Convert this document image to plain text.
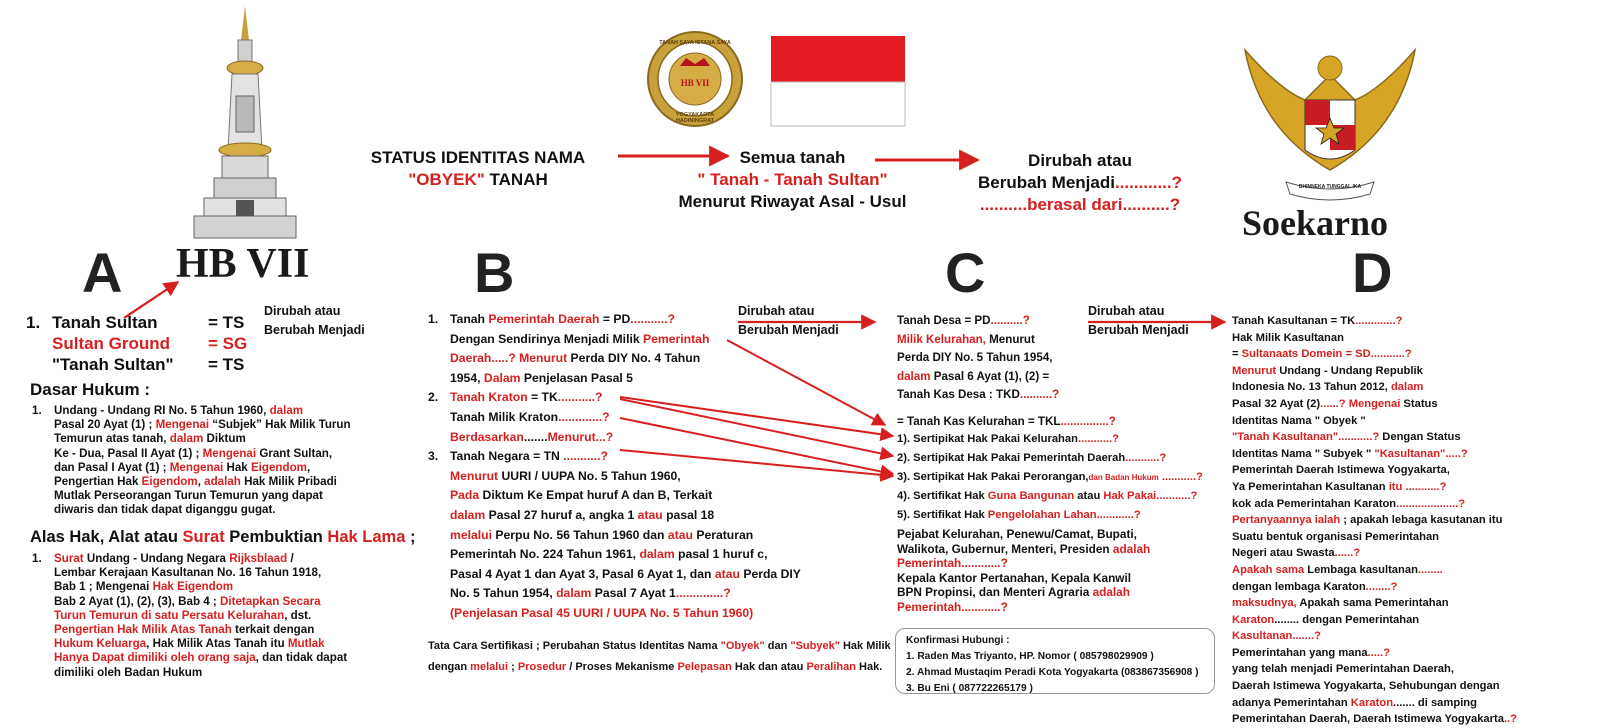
STATUS IDENTITAS NAMA
"OBYEK" TANAH
Semua tanah
" Tanah - Tanah Sultan"
Menurut Riwayat Asal - Usul
Dirubah atau
Berubah Menjadi............?
..........berasal dari..........?
TANAH SAYA ISTANA SAYA
YOGYAKARTA HADININGRAT
HB VII
BHINNEKA TUNGGAL IKA
HB VII
Soekarno
A	B	C	D
Dirubah atau
Berubah Menjadi
Dirubah atau
Berubah Menjadi
Dirubah atau
Berubah Menjadi
1. Tanah Sultan	= TS
Sultan Ground = SG
"Tanah Sultan" = TS
Dasar Hukum :
1. Undang - Undang RI No. 5 Tahun 1960, dalam
Pasal 20 Ayat (1) ; Mengenai “Subjek” Hak Milik Turun
Temurun atas tanah, dalam Diktum
Ke - Dua, Pasal II Ayat (1) ; Mengenai Grant Sultan,
dan Pasal I Ayat (1) ; Mengenai Hak Eigendom,
Pengertian Hak Eigendom, adalah Hak Milik Pribadi
Mutlak Perseorangan Turun Temurun yang dapat
diwaris dan tidak dapat diganggu gugat.
Alas Hak, Alat atau Surat Pembuktian Hak Lama ;
1. Surat Undang - Undang Negara Rijksblaad /
Lembar Kerajaan Kasultanan No. 16 Tahun 1918,
Bab 1 ; Mengenai Hak Eigendom
Bab 2 Ayat (1), (2), (3), Bab 4 ; Ditetapkan Secara
Turun Temurun di satu Persatu Kelurahan, dst.
Pengertian Hak Milik Atas Tanah terkait dengan
Hukum Keluarga, Hak Milik Atas Tanah itu Mutlak
Hanya Dapat dimiliki oleh orang saja, dan tidak dapat
dimiliki oleh Badan Hukum
1. Tanah Pemerintah Daerah = PD...........?
Dengan Sendirinya Menjadi Milik Pemerintah
Daerah.....? Menurut Perda DIY No. 4 Tahun
1954, Dalam Penjelasan Pasal 5
2. Tanah Kraton = TK...........?
Tanah Milik Kraton.............?
Berdasarkan.......Menurut...?
3. Tanah Negara = TN ...........?
Menurut UURI / UUPA No. 5 Tahun 1960,
Pada Diktum Ke Empat huruf A dan B, Terkait
dalam Pasal 27 huruf a, angka 1 atau pasal 18
melalui Perpu No. 56 Tahun 1960 dan atau Peraturan
Pemerintah No. 224 Tahun 1961, dalam pasal 1 huruf c,
Pasal 4 Ayat 1 dan Ayat 3, Pasal 6 Ayat 1, dan atau Perda DIY
No. 5 Tahun 1954, dalam Pasal 7 Ayat 1..............?
(Penjelasan Pasal 45 UURI / UUPA No. 5 Tahun 1960)
Tata Cara Sertifikasi ; Perubahan Status Identitas Nama "Obyek" dan "Subyek" Hak Milik
dengan melalui ; Prosedur / Proses Mekanisme Pelepasan Hak dan atau Peralihan Hak.
Tanah Desa = PD..........?
Milik Kelurahan, Menurut
Perda DIY No. 5 Tahun 1954,
dalam Pasal 6 Ayat (1), (2) =
Tanah Kas Desa : TKD..........?
= Tanah Kas Kelurahan = TKL...............?
1). Sertipikat Hak Pakai Kelurahan...........?
2). Sertipikat Hak Pakai Pemerintah Daerah...........?
3). Sertipikat Hak Pakai Perorangan,dan Badan Hukum ...........?
4). Sertifikat Hak Guna Bangunan atau Hak Pakai...........?
5). Sertifikat Hak Pengelolahan Lahan............?
Pejabat Kelurahan, Penewu/Camat, Bupati,
Walikota, Gubernur, Menteri, Presiden adalah
Pemerintah............?
Kepala Kantor Pertanahan, Kepala Kanwil
BPN Propinsi, dan Menteri Agraria adalah
Pemerintah............?
Konfirmasi Hubungi :
1. Raden Mas Triyanto, HP. Nomor ( 085798029909 )
2. Ahmad Mustaqim Peradi Kota Yogyakarta (083867356908 )
3. Bu Eni ( 087722265179 )
Tanah Kasultanan = TK.............?
Hak Milik Kasultanan
= Sultanaats Domein = SD...........?
Menurut Undang - Undang Republik
Indonesia No. 13 Tahun 2012, dalam
Pasal 32 Ayat (2)......? Mengenai Status
Identitas Nama " Obyek "
"Tanah Kasultanan"...........? Dengan Status
Identitas Nama " Subyek " "Kasultanan".....?
Pemerintah Daerah Istimewa Yogyakarta,
Ya Pemerintahan Kasultanan itu ...........?
kok ada Pemerintahan Karaton....................?
Pertanyaannya ialah ; apakah lebaga kasutanan itu
Suatu bentuk organisasi Pemerintahan
Negeri atau Swasta......?
Apakah sama Lembaga kasultanan........
dengan lembaga Karaton........?
maksudnya, Apakah sama Pemerintahan
Karaton........ dengan Pemerintahan
Kasultanan.......?
Pemerintahan yang mana.....?
yang telah menjadi Pemerintahan Daerah,
Daerah Istimewa Yogyakarta, Sehubungan dengan
adanya Pemerintahan Karaton....... di samping
Pemerintahan Daerah, Daerah Istimewa Yogyakarta..?
